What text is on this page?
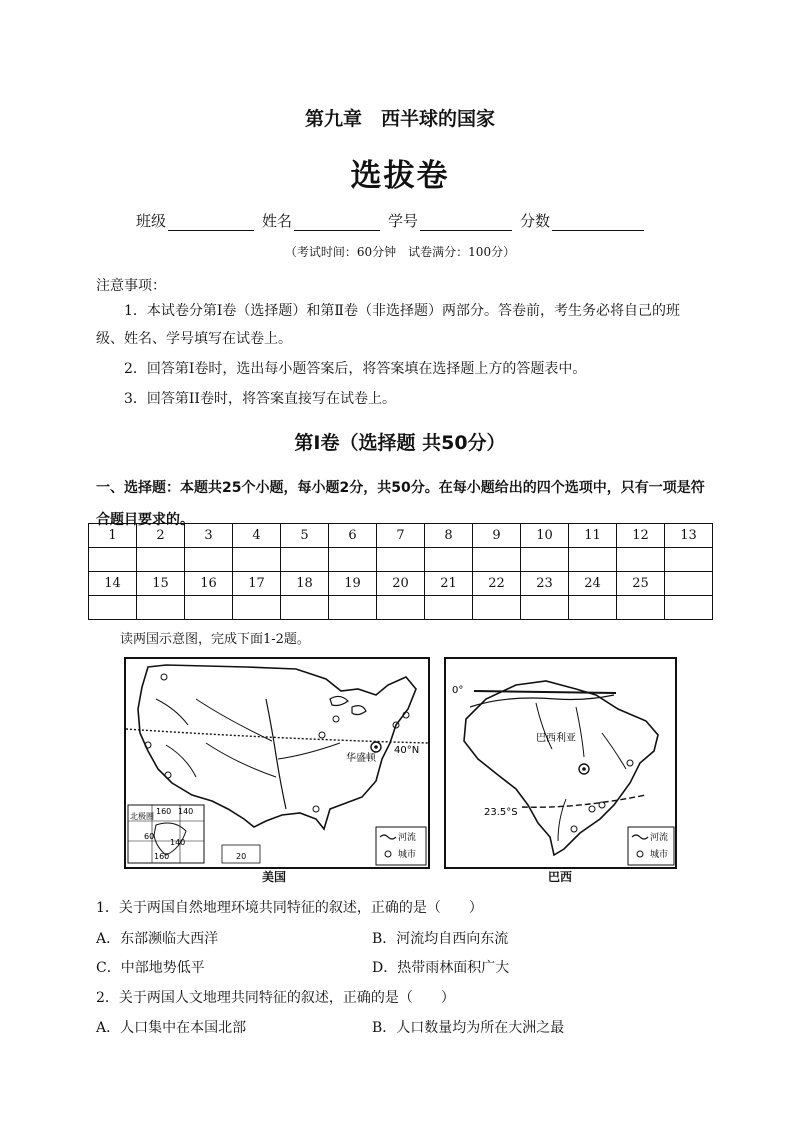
第九章　西半球的国家
选拔卷
班级	姓名	学号	分数
（考试时间：60分钟　试卷满分：100分）
注意事项：
1．本试卷分第Ⅰ卷（选择题）和第Ⅱ卷（非选择题）两部分。答卷前，考生务必将自己的班级、姓名、学号填写在试卷上。
2．回答第Ⅰ卷时，选出每小题答案后，将答案填在选择题上方的答题表中。
3．回答第II卷时，将答案直接写在试卷上。
第Ⅰ卷（选择题 共50分）
一、选择题：本题共25个小题，每小题2分，共50分。在每小题给出的四个选项中，只有一项是符合题目要求的。
1	2	3	4	5	6	7	8	9	10	11	12	13

14	15	16	17	18	19	20	21	22	23	24	25	

读两国示意图，完成下面1-2题。
40°N
华盛顿
北极圈
160 140
60
140
160	20
河流
城市
美国
0°
23.5°S
巴西利亚
河流
城市
巴西
1．关于两国自然地理环境共同特征的叙述，正确的是（　　）
A．东部濒临大西洋	B．河流均自西向东流
C．中部地势低平	D．热带雨林面积广大
2．关于两国人文地理共同特征的叙述，正确的是（　　）
A．人口集中在本国北部	B．人口数量均为所在大洲之最
